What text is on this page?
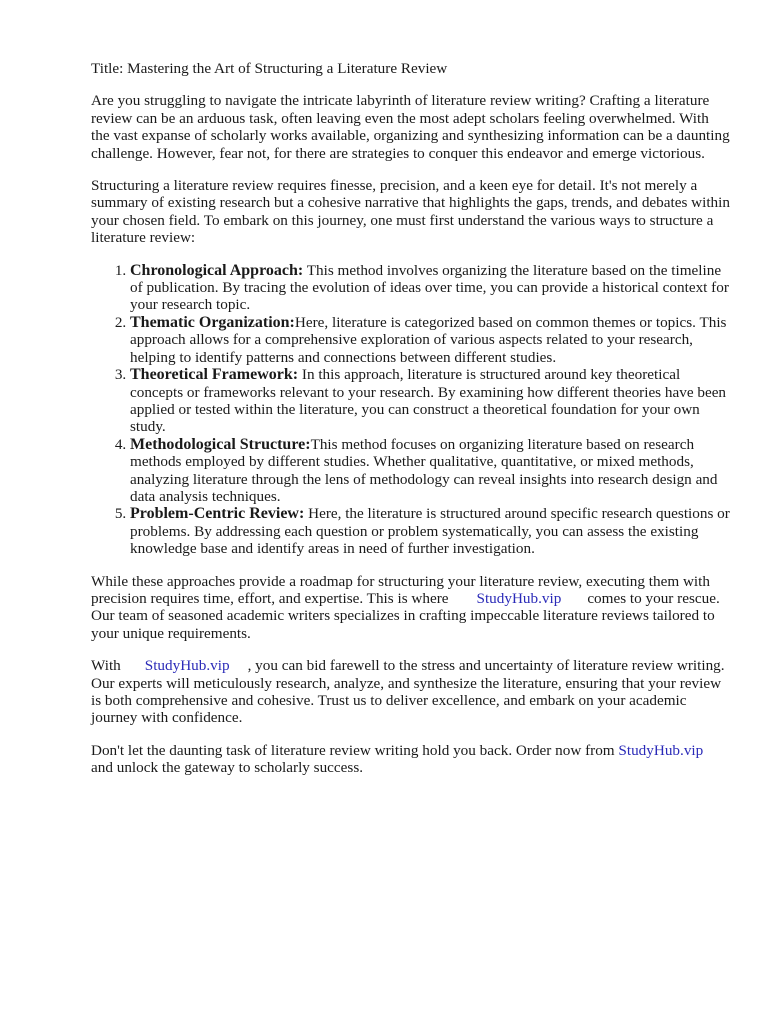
Title: Mastering the Art of Structuring a Literature Review

Are you struggling to navigate the intricate labyrinth of literature review writing? Crafting a literature review can be an arduous task, often leaving even the most adept scholars feeling overwhelmed. With the vast expanse of scholarly works available, organizing and synthesizing information can be a daunting challenge. However, fear not, for there are strategies to conquer this endeavor and emerge victorious.

Structuring a literature review requires finesse, precision, and a keen eye for detail. It's not merely a summary of existing research but a cohesive narrative that highlights the gaps, trends, and debates within your chosen field. To embark on this journey, one must first understand the various ways to structure a literature review:

1. Chronological Approach: This method involves organizing the literature based on the timeline of publication. By tracing the evolution of ideas over time, you can provide a historical context for your research topic.
2. Thematic Organization:Here, literature is categorized based on common themes or topics. This approach allows for a comprehensive exploration of various aspects related to your research, helping to identify patterns and connections between different studies.
3. Theoretical Framework: In this approach, literature is structured around key theoretical concepts or frameworks relevant to your research. By examining how different theories have been applied or tested within the literature, you can construct a theoretical foundation for your own study.
4. Methodological Structure:This method focuses on organizing literature based on research methods employed by different studies. Whether qualitative, quantitative, or mixed methods, analyzing literature through the lens of methodology can reveal insights into research design and data analysis techniques.
5. Problem-Centric Review: Here, the literature is structured around specific research questions or problems. By addressing each question or problem systematically, you can assess the existing knowledge base and identify areas in need of further investigation.

While these approaches provide a roadmap for structuring your literature review, executing them with precision requires time, effort, and expertise. This is where StudyHub.vip comes to your rescue. Our team of seasoned academic writers specializes in crafting impeccable literature reviews tailored to your unique requirements.

With StudyHub.vip , you can bid farewell to the stress and uncertainty of literature review writing. Our experts will meticulously research, analyze, and synthesize the literature, ensuring that your review is both comprehensive and cohesive. Trust us to deliver excellence, and embark on your academic journey with confidence.

Don't let the daunting task of literature review writing hold you back. Order now from StudyHub.vipand unlock the gateway to scholarly success.
